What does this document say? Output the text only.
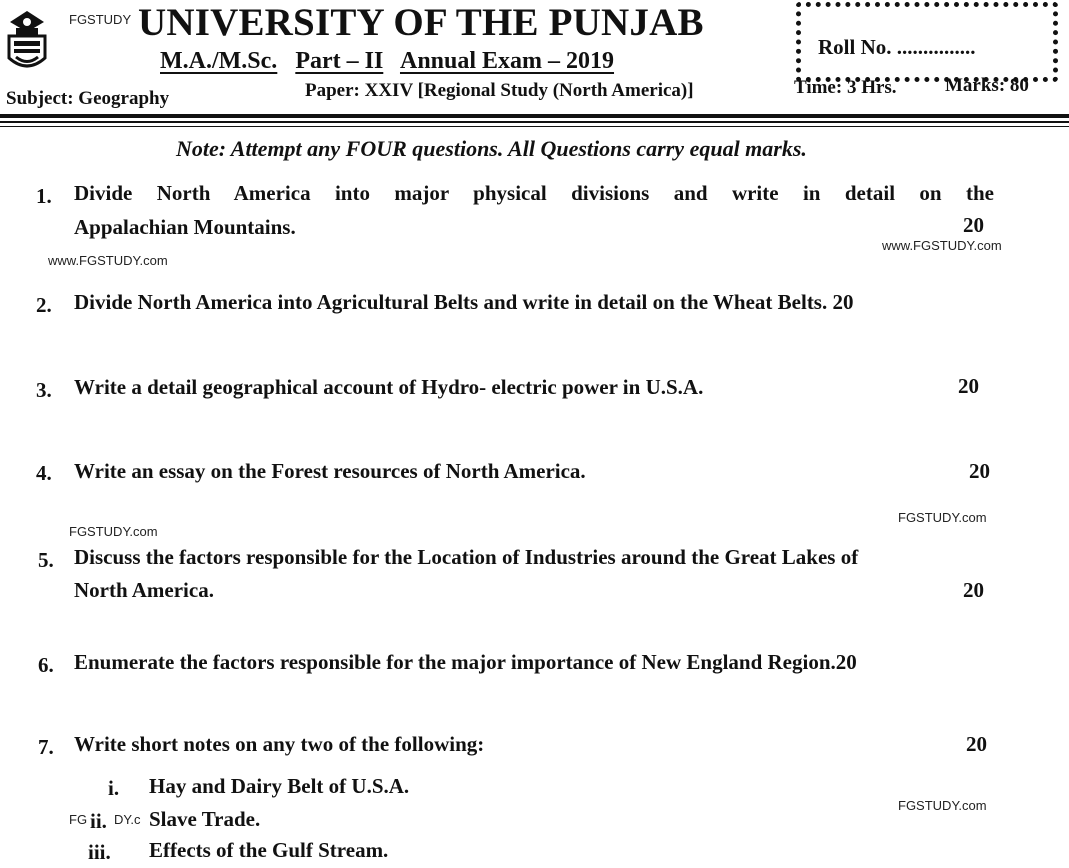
FGSTUDY UNIVERSITY OF THE PUNJAB
M.A./M.Sc. Part – II Annual Exam – 2019
Roll No. ...............
Subject: Geography	Paper: XXIV [Regional Study (North America)]	Time: 3 Hrs.	Marks: 80
Note: Attempt any FOUR questions. All Questions carry equal marks.
1. Divide North America into major physical divisions and write in detail on the
Appalachian Mountains.	20
www.FGSTUDY.com
www.FGSTUDY.com
2. Divide North America into Agricultural Belts and write in detail on the Wheat Belts. 20
3. Write a detail geographical account of Hydro- electric power in U.S.A.	20
4. Write an essay on the Forest resources of North America.	20
FGSTUDY.com
FGSTUDY.com
5. Discuss the factors responsible for the Location of Industries around the Great Lakes of
North America.	20
6. Enumerate the factors responsible for the major importance of New England Region.20
7. Write short notes on any two of the following:	20
i. Hay and Dairy Belt of U.S.A.
FGSTUDY.com
FG ii. DY.c Slave Trade.
iii. Effects of the Gulf Stream.
